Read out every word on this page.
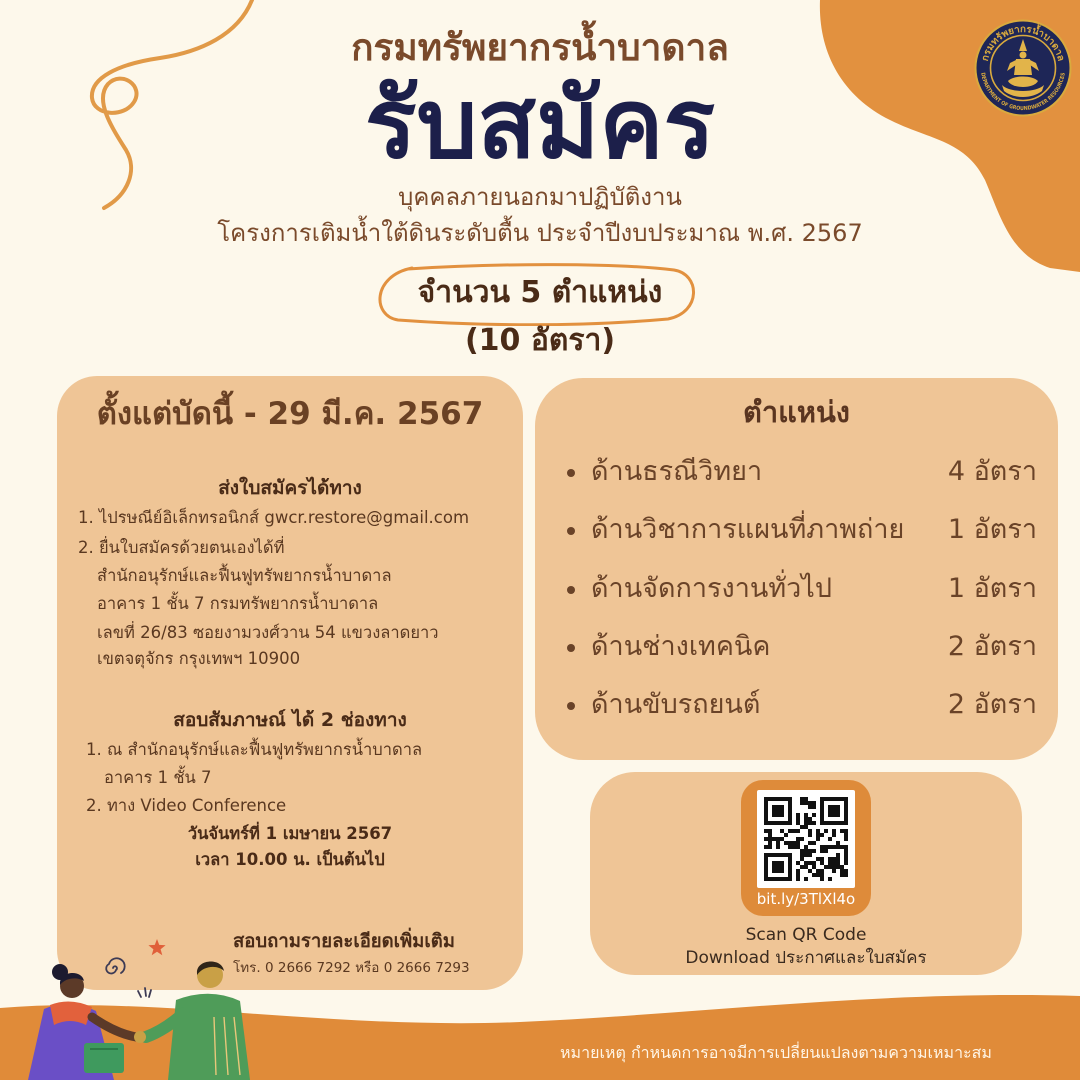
กรมทรัพยากรน้ำบาดาล
DEPARTMENT OF GROUNDWATER RESOURCES
กรมทรัพยากรน้ำบาดาล
รับสมัคร
บุคคลภายนอกมาปฏิบัติงาน
โครงการเติมน้ำใต้ดินระดับตื้น ประจำปีงบประมาณ พ.ศ. 2567
จำนวน 5 ตำแหน่ง
(10 อัตรา)
ตั้งแต่บัดนี้ - 29 มี.ค. 2567
ส่งใบสมัครได้ทาง
1. ไปรษณีย์อิเล็กทรอนิกส์ gwcr.restore@gmail.com
2. ยื่นใบสมัครด้วยตนเองได้ที่
สำนักอนุรักษ์และฟื้นฟูทรัพยากรน้ำบาดาล
อาคาร 1 ชั้น 7 กรมทรัพยากรน้ำบาดาล
เลขที่ 26/83 ซอยงามวงศ์วาน 54 แขวงลาดยาว
เขตจตุจักร กรุงเทพฯ 10900
สอบสัมภาษณ์ ได้ 2 ช่องทาง
1. ณ สำนักอนุรักษ์และฟื้นฟูทรัพยากรน้ำบาดาล
อาคาร 1 ชั้น 7
2. ทาง Video Conference
วันจันทร์ที่ 1 เมษายน 2567
เวลา 10.00 น. เป็นต้นไป
สอบถามรายละเอียดเพิ่มเติม
โทร. 0 2666 7292 หรือ 0 2666 7293
ตำแหน่ง
ด้านธรณีวิทยา	4 อัตรา
ด้านวิชาการแผนที่ภาพถ่าย 1 อัตรา
ด้านจัดการงานทั่วไป	1 อัตรา
ด้านช่างเทคนิค	2 อัตรา
ด้านขับรถยนต์	2 อัตรา
bit.ly/3TlXl4o
Scan QR Code
Download ประกาศและใบสมัคร
หมายเหตุ กำหนดการอาจมีการเปลี่ยนแปลงตามความเหมาะสม
